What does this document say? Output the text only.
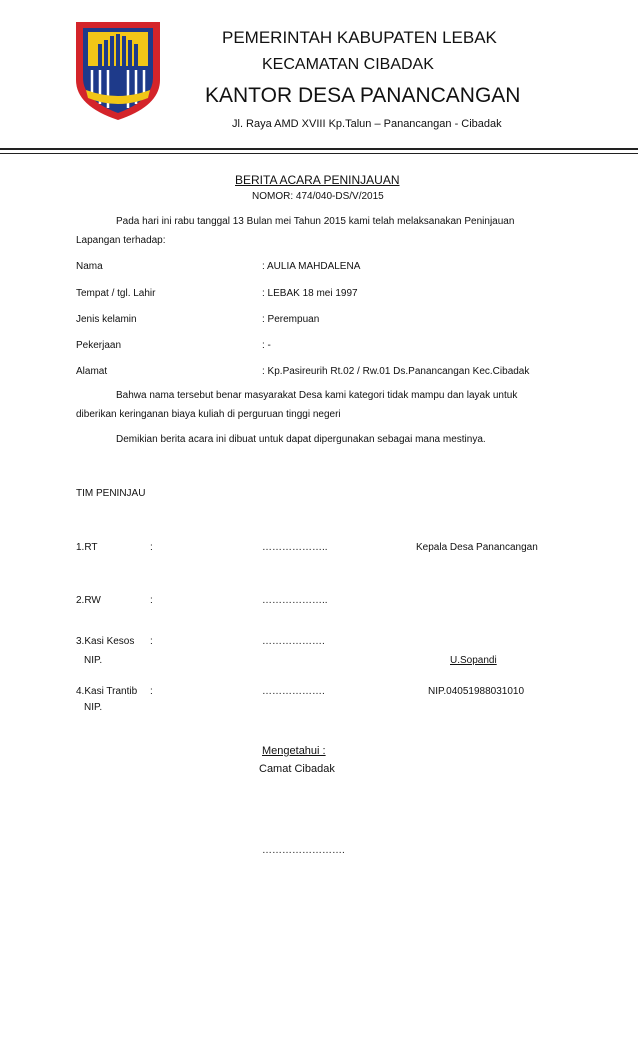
PEMERINTAH KABUPATEN LEBAK
KECAMATAN CIBADAK
KANTOR DESA PANANCANGAN
Jl. Raya AMD XVIII Kp.Talun – Panancangan - Cibadak
BERITA ACARA PENINJAUAN
NOMOR: 474/040-DS/V/2015
Pada hari ini rabu tanggal 13 Bulan mei Tahun 2015 kami telah melaksanakan Peninjauan
Lapangan terhadap:
Nama	: AULIA MAHDALENA
Tempat / tgl. Lahir	: LEBAK 18 mei 1997
Jenis kelamin	: Perempuan
Pekerjaan	: -
Alamat	: Kp.Pasireurih Rt.02 / Rw.01 Ds.Panancangan Kec.Cibadak
Bahwa nama tersebut benar masyarakat Desa kami kategori tidak mampu dan layak untuk
diberikan keringanan biaya kuliah di perguruan tinggi negeri
Demikian berita acara ini dibuat untuk dapat dipergunakan sebagai mana mestinya.
TIM PENINJAU
1.RT	:	………………..	Kepala Desa Panancangan
2.RW	:	………………..
3.Kasi Kesos :	……………….
NIP.	U.Sopandi
4.Kasi Trantib :	……………….	NIP.04051988031010
NIP.
Mengetahui :
Camat Cibadak
…………………….
